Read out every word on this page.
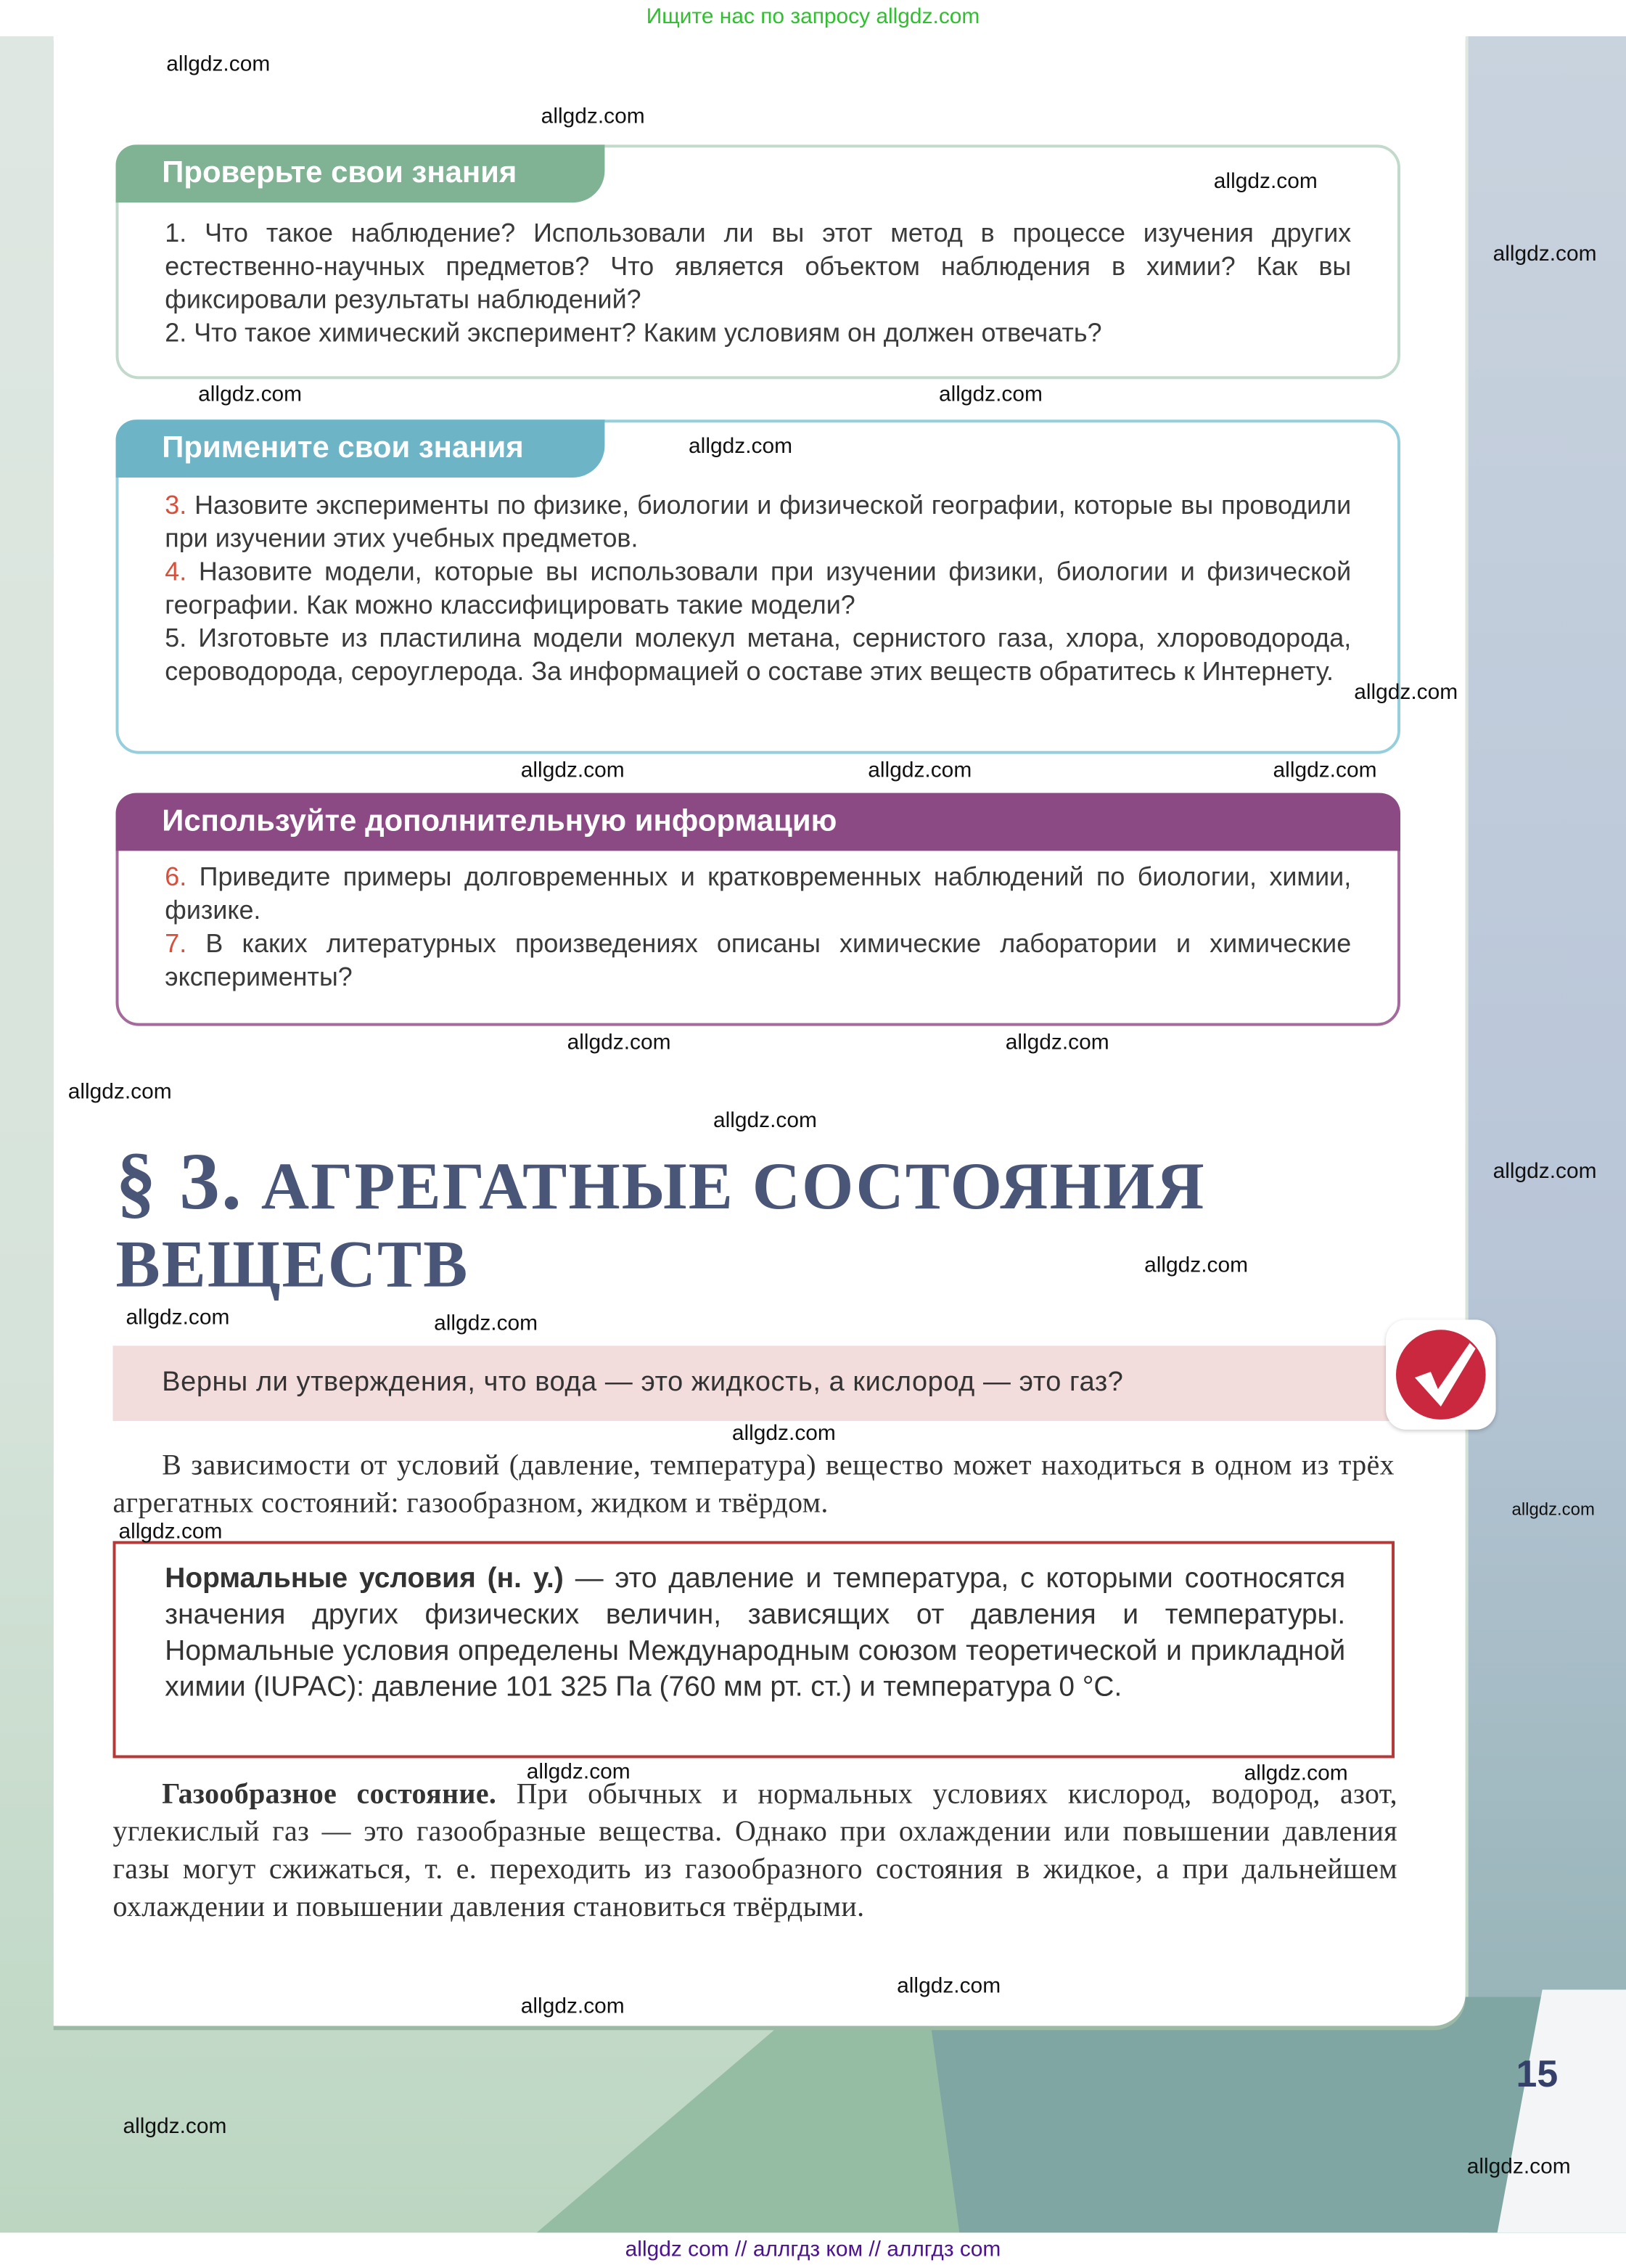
15
Проверьте свои знания

1. Что такое наблюдение? Использовали ли вы этот метод в процессе изучения других естественно-научных предметов? Что является объектом наблюдения в химии? Как вы фиксировали результаты наблюдений?

2. Что такое химический эксперимент? Каким условиям он должен отвечать?

Примените свои знания

3. Назовите эксперименты по физике, биологии и физической географии, которые вы проводили при изучении этих учебных предметов.

4. Назовите модели, которые вы использовали при изучении физики, биологии и физической географии. Как можно классифицировать такие модели?

5. Изготовьте из пластилина модели молекул метана, сернистого газа, хлора, хлороводорода, сероводорода, сероуглерода. За информацией о составе этих веществ обратитесь к Интернету.

Используйте дополнительную информацию

6. Приведите примеры долговременных и кратковременных наблюдений по биологии, химии, физике.

7. В каких литературных произведениях описаны химические лаборатории и химические эксперименты?

§ 3. АГРЕГАТНЫЕ СОСТОЯНИЯ
ВЕЩЕСТВ
Верны ли утверждения, что вода — это жидкость, а кислород — это газ?

В зависимости от условий (давление, температура) вещество может находиться в одном из трёх агрегатных состояний: газообразном, жидком и твёрдом.

Нормальные условия (н. у.) — это давление и температура, с которыми соотносятся значения других физических величин, зависящих от давления и температуры. Нормальные условия определены Международным союзом теоретической и прикладной химии (IUPAC): давление 101 325 Па (760 мм рт. ст.) и температура 0 °С.

Газообразное состояние. При обычных и нормальных условиях кислород, водород, азот, углекислый газ — это газообразные вещества. Однако при охлаждении или повышении давления газы могут сжижаться, т. е. переходить из газообразного состояния в жидкое, а при дальнейшем охлаждении и повышении давления становиться твёрдыми.

allgdz.com
allgdz.com
allgdz.com
allgdz.com
allgdz.com
allgdz.com
allgdz.com
allgdz.com
allgdz.com
allgdz.com	allgdz.com
allgdz.com	allgdz.com
allgdz.com
allgdz.com
allgdz.com
allgdz.com
allgdz.com	allgdz.com
allgdz.com
allgdz.com
allgdz.com
allgdz.com
allgdz.com
allgdz.com
allgdz.com
allgdz.com
allgdz.com
Ищите нас по запросу allgdz.com
allgdz com // аллгдз ком // аллгдз com
